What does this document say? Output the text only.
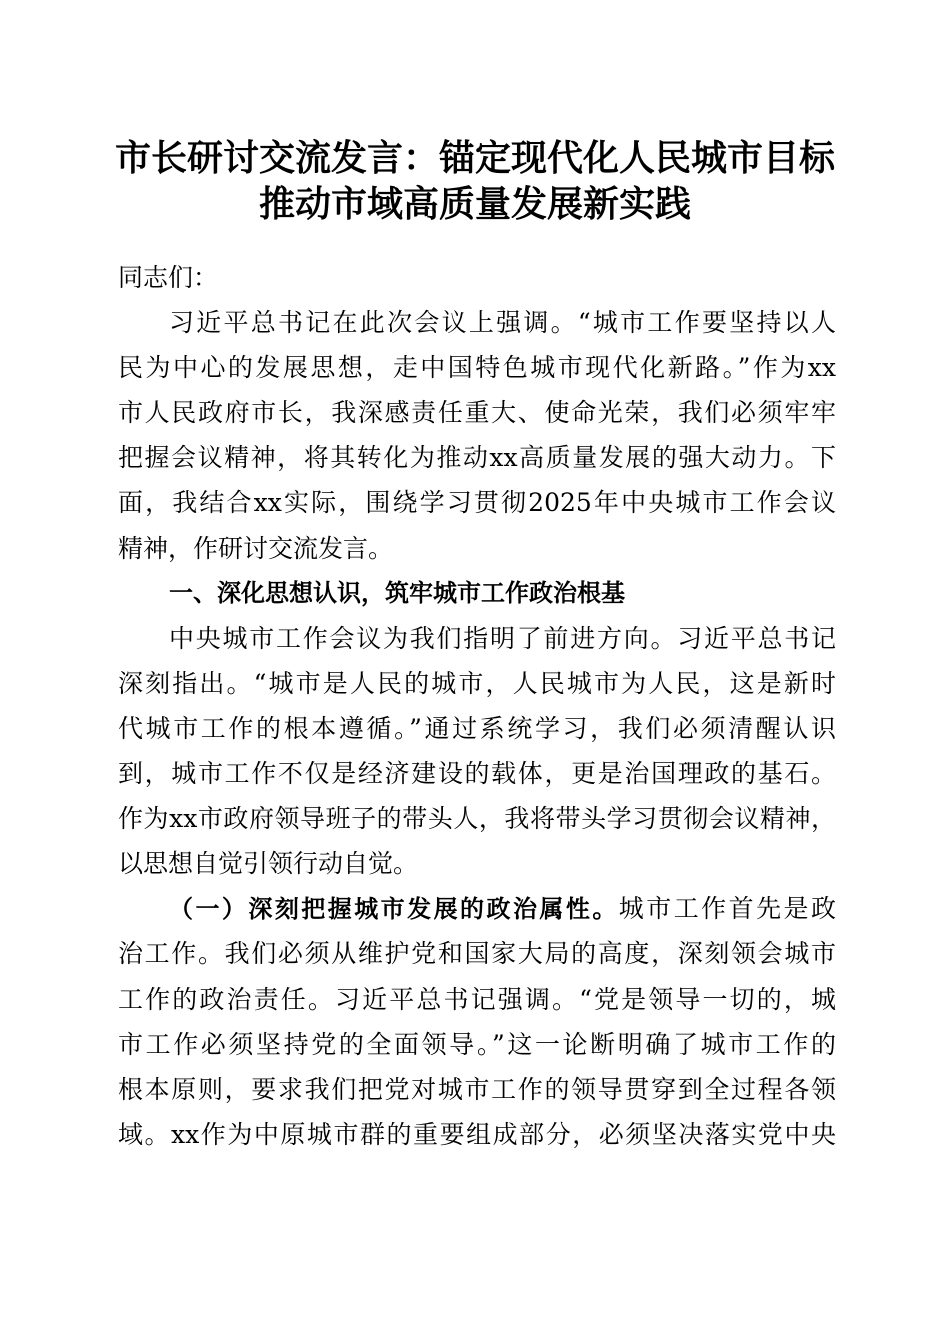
市长研讨交流发言：锚定现代化人民城市目标
推动市域高质量发展新实践
同志们：
习近平总书记在此次会议上强调。“城市工作要坚持以人
民为中心的发展思想，走中国特色城市现代化新路。”作为xx
市人民政府市长，我深感责任重大、使命光荣，我们必须牢牢
把握会议精神，将其转化为推动xx高质量发展的强大动力。下
面，我结合xx实际，围绕学习贯彻2025年中央城市工作会议
精神，作研讨交流发言。
一、深化思想认识，筑牢城市工作政治根基
中央城市工作会议为我们指明了前进方向。习近平总书记
深刻指出。“城市是人民的城市，人民城市为人民，这是新时
代城市工作的根本遵循。”通过系统学习，我们必须清醒认识
到，城市工作不仅是经济建设的载体，更是治国理政的基石。
作为xx市政府领导班子的带头人，我将带头学习贯彻会议精神，
以思想自觉引领行动自觉。
（一）深刻把握城市发展的政治属性。城市工作首先是政
治工作。我们必须从维护党和国家大局的高度，深刻领会城市
工作的政治责任。习近平总书记强调。“党是领导一切的，城
市工作必须坚持党的全面领导。”这一论断明确了城市工作的
根本原则，要求我们把党对城市工作的领导贯穿到全过程各领
域。xx作为中原城市群的重要组成部分，必须坚决落实党中央
